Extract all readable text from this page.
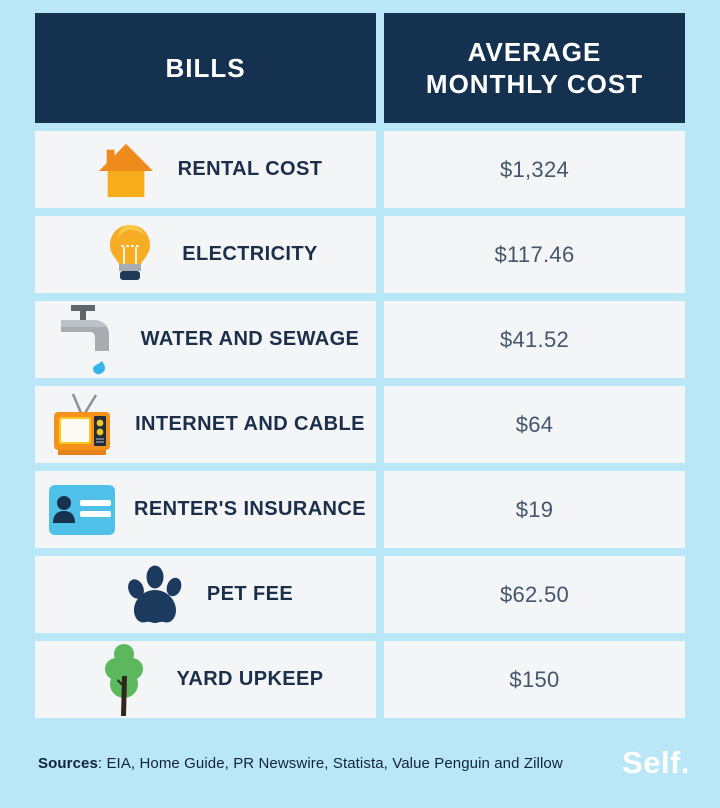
BILLS
AVERAGE MONTHLY COST
RENTAL COST	$1,324
ELECTRICITY	$117.46
WATER AND SEWAGE	$41.52
INTERNET AND CABLE	$64
RENTER'S INSURANCE	$19
PET FEE	$62.50
YARD UPKEEP	$150
Sources: EIA, Home Guide, PR Newswire, Statista, Value Penguin and Zillow Self.
